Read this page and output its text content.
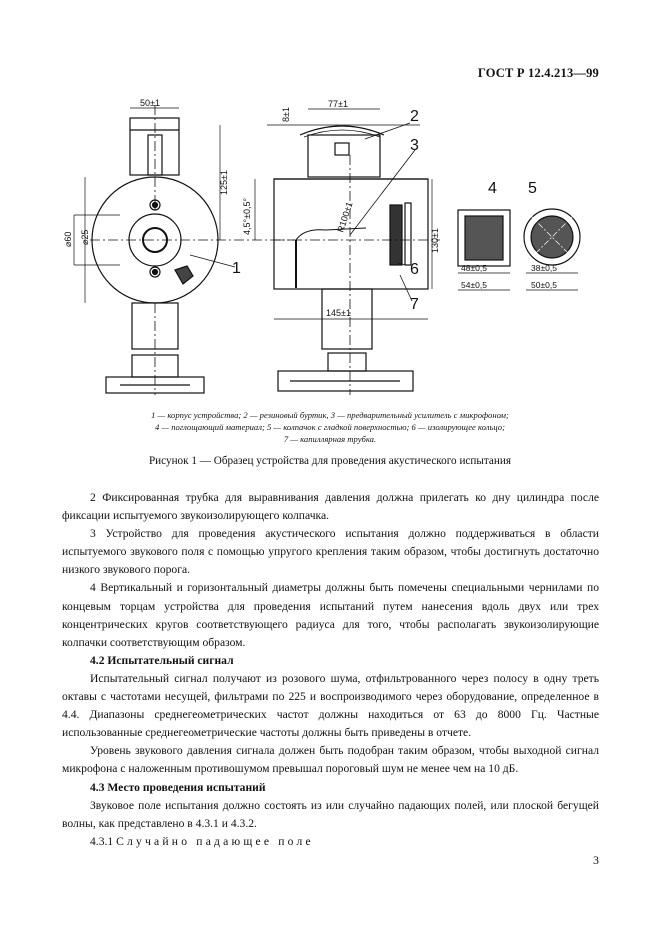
ГОСТ Р 12.4.213—99
50±1	77±1
8±1
125±1
4,5°±0,5°	R100±1
130±1
⌀60 ⌀25
145±1
48±0,5
54±0,5
38±0,5
50±0,5
1
2
3
4 5
6
7
1 — корпус устройства; 2 — резиновый буртик, 3 — предварительный усилитель с микрофоном;
4 — поглощающий материал; 5 — колпачок с гладкой поверхностью; 6 — изолирующее кольцо;
7 — капиллярная трубка.
Рисунок 1 — Образец устройства для проведения акустического испытания

2 Фиксированная трубка для выравнивания давления должна прилегать ко дну цилиндра после фиксации испытуемого звукоизолирующего колпачка.

3 Устройство для проведения акустического испытания должно поддерживаться в области испытуемого звукового поля с помощью упругого крепления таким образом, чтобы достигнуть достаточно низкого звукового порога.

4 Вертикальный и горизонтальный диаметры должны быть помечены специальными чернилами по концевым торцам устройства для проведения испытаний путем нанесения вдоль двух или трех концентрических кругов соответствующего радиуса для того, чтобы располагать звукоизолирующие колпачки соответствующим образом.

4.2 Испытательный сигнал

Испытательный сигнал получают из розового шума, отфильтрованного через полосу в одну треть октавы с частотами несущей, фильтрами по 225 и воспроизводимого через оборудование, определенное в 4.4. Диапазоны среднегеометрических частот должны находиться от 63 до 8000 Гц. Частные использованные среднегеометрические частоты должны быть приведены в отчете.

Уровень звукового давления сигнала должен быть подобран таким образом, чтобы выходной сигнал микрофона с наложенным противошумом превышал пороговый шум не менее чем на 10 дБ.

4.3 Место проведения испытаний

Звуковое поле испытания должно состоять из или случайно падающих полей, или плоской бегущей волны, как представлено в 4.3.1 и 4.3.2.

4.3.1 Случайно падающее поле

3
